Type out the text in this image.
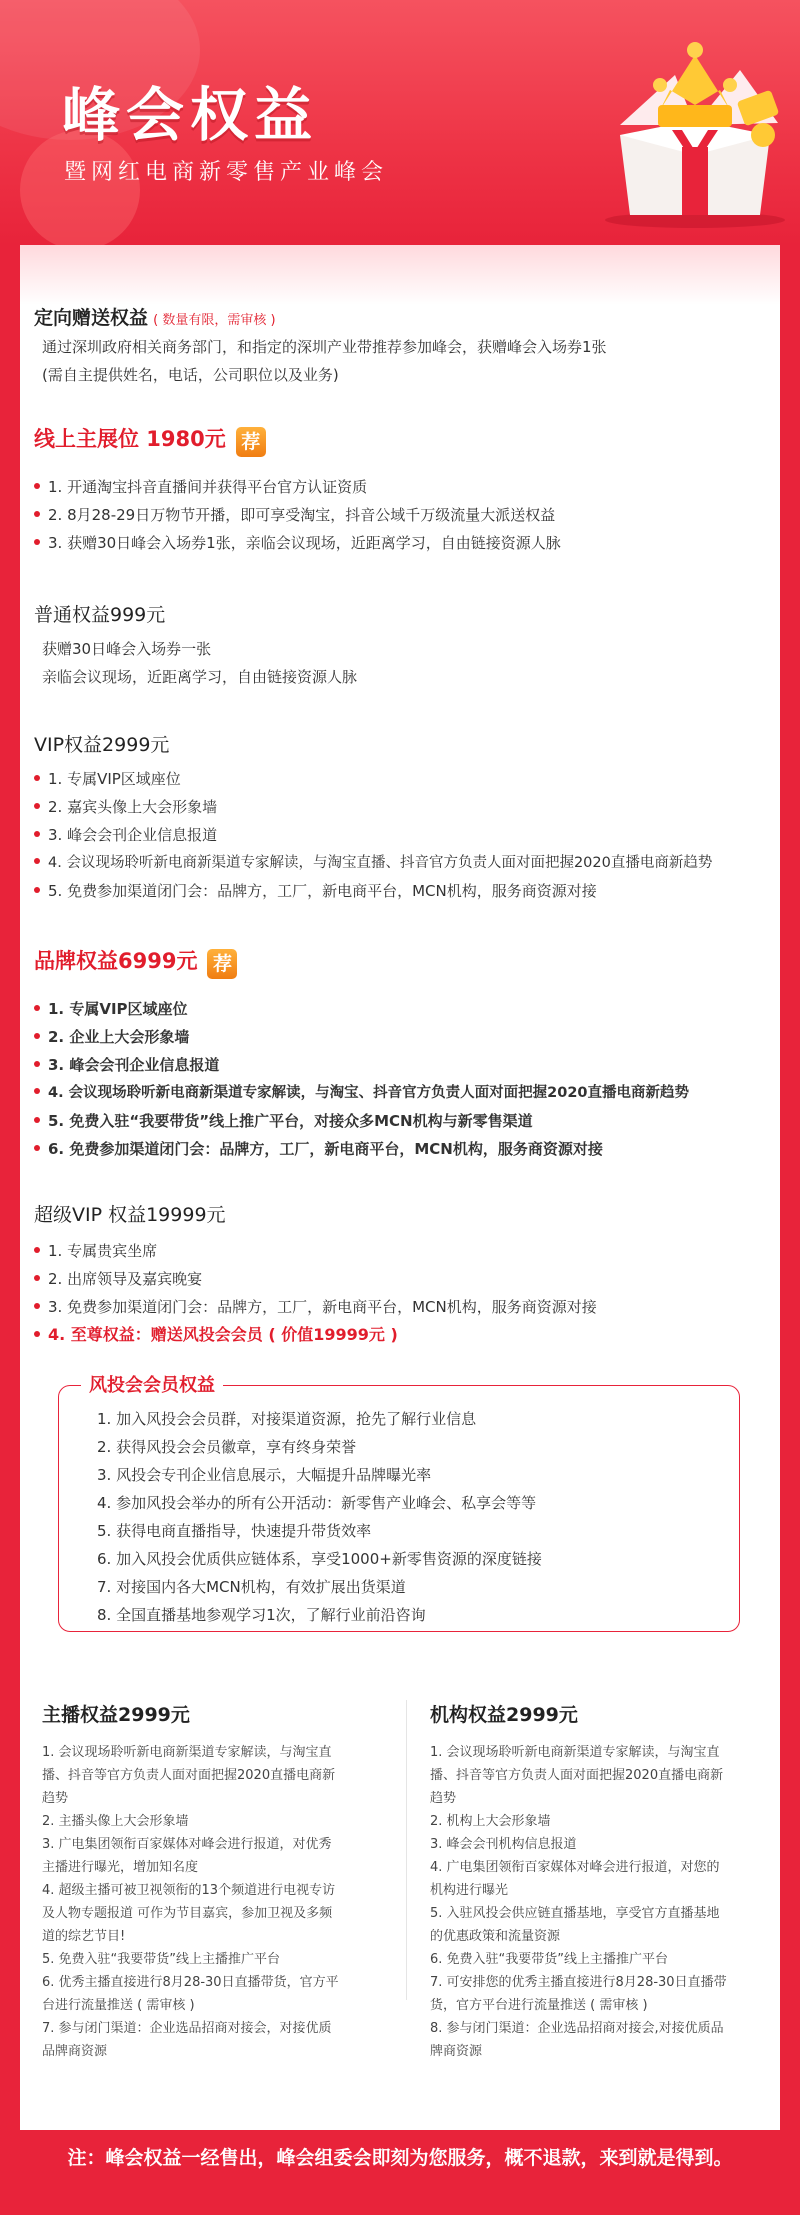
峰会权益
暨网红电商新零售产业峰会
定向赠送权益 ( 数量有限，需审核 )
通过深圳政府相关商务部门，和指定的深圳产业带推荐参加峰会，获赠峰会入场券1张
(需自主提供姓名，电话，公司职位以及业务)
线上主展位 1980元 荐
1. 开通淘宝抖音直播间并获得平台官方认证资质
2. 8月28-29日万物节开播，即可享受淘宝，抖音公域千万级流量大派送权益
3. 获赠30日峰会入场券1张，亲临会议现场，近距离学习，自由链接资源人脉
普通权益999元
获赠30日峰会入场券一张
亲临会议现场，近距离学习，自由链接资源人脉
VIP权益2999元
1. 专属VIP区域座位
2. 嘉宾头像上大会形象墙
3. 峰会会刊企业信息报道
4. 会议现场聆听新电商新渠道专家解读，与淘宝直播、抖音官方负责人面对面把握2020直播电商新趋势
5. 免费参加渠道闭门会：品牌方，工厂，新电商平台，MCN机构，服务商资源对接
品牌权益6999元 荐
1. 专属VIP区域座位
2. 企业上大会形象墙
3. 峰会会刊企业信息报道
4. 会议现场聆听新电商新渠道专家解读，与淘宝、抖音官方负责人面对面把握2020直播电商新趋势
5. 免费入驻“我要带货”线上推广平台，对接众多MCN机构与新零售渠道
6. 免费参加渠道闭门会：品牌方，工厂，新电商平台，MCN机构，服务商资源对接
超级VIP 权益19999元
1. 专属贵宾坐席
2. 出席领导及嘉宾晚宴
3. 免费参加渠道闭门会：品牌方，工厂，新电商平台，MCN机构，服务商资源对接
4. 至尊权益：赠送风投会会员 ( 价值19999元 )
风投会会员权益
1. 加入风投会会员群，对接渠道资源，抢先了解行业信息
2. 获得风投会会员徽章，享有终身荣誉
3. 风投会专刊企业信息展示，大幅提升品牌曝光率
4. 参加风投会举办的所有公开活动：新零售产业峰会、私享会等等
5. 获得电商直播指导，快速提升带货效率
6. 加入风投会优质供应链体系，享受1000+新零售资源的深度链接
7. 对接国内各大MCN机构，有效扩展出货渠道
8. 全国直播基地参观学习1次，了解行业前沿咨询
主播权益2999元

1. 会议现场聆听新电商新渠道专家解读，与淘宝直播、抖音等官方负责人面对面把握2020直播电商新趋势

2. 主播头像上大会形象墙

3. 广电集团领衔百家媒体对峰会进行报道，对优秀主播进行曝光，增加知名度

4. 超级主播可被卫视领衔的13个频道进行电视专访及人物专题报道 可作为节目嘉宾，参加卫视及多频道的综艺节目!

5. 免费入驻“我要带货”线上主播推广平台

6. 优秀主播直接进行8月28-30日直播带货，官方平台进行流量推送 ( 需审核 )

7. 参与闭门渠道：企业选品招商对接会，对接优质品牌商资源

机构权益2999元

1. 会议现场聆听新电商新渠道专家解读，与淘宝直播、抖音等官方负责人面对面把握2020直播电商新趋势

2. 机构上大会形象墙

3. 峰会会刊机构信息报道

4. 广电集团领衔百家媒体对峰会进行报道，对您的机构进行曝光

5. 入驻风投会供应链直播基地，享受官方直播基地的优惠政策和流量资源

6. 免费入驻“我要带货”线上主播推广平台

7. 可安排您的优秀主播直接进行8月28-30日直播带货，官方平台进行流量推送 ( 需审核 )

8. 参与闭门渠道：企业选品招商对接会,对接优质品牌商资源

注：峰会权益一经售出，峰会组委会即刻为您服务，概不退款，来到就是得到。
